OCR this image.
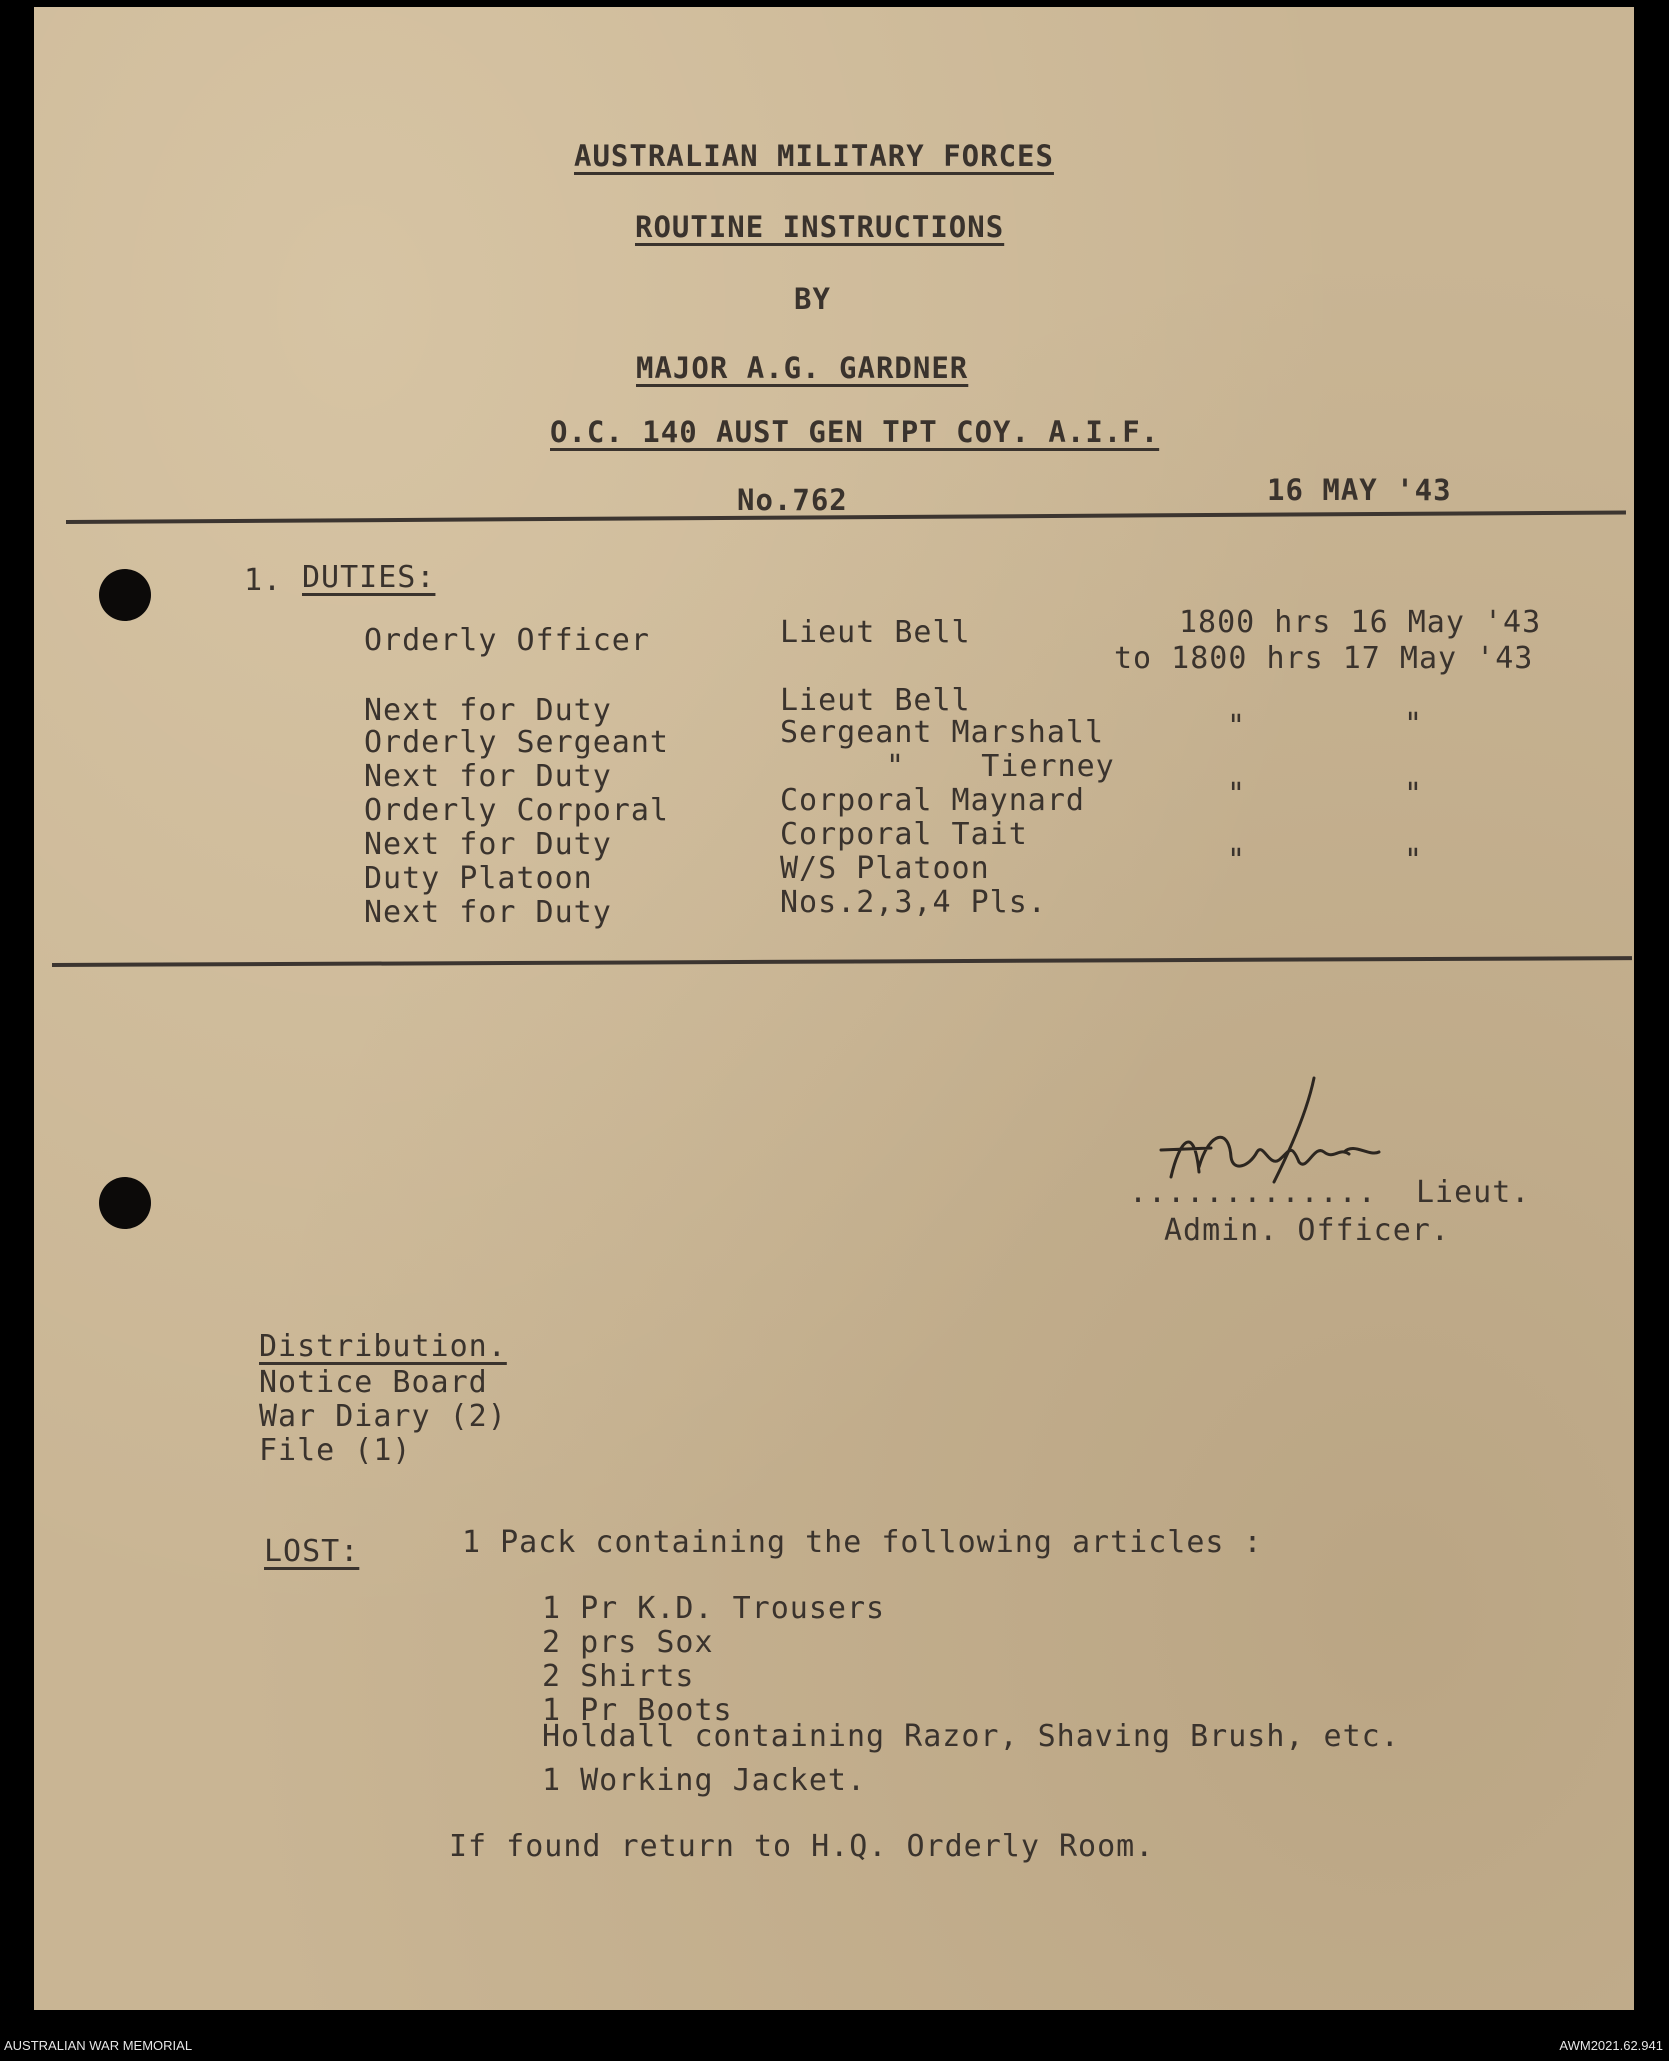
AUSTRALIAN MILITARY FORCES
ROUTINE INSTRUCTIONS
BY
MAJOR A.G. GARDNER
O.C. 140 AUST GEN TPT COY. A.I.F.
No.762	16 MAY '43
1. DUTIES:
Orderly Officer	Lieut Bell	1800 hrs 16 May '43
to 1800 hrs 17 May '43
Next for Duty	Lieut Bell
Orderly Sergeant	Sergeant Marshall	"	"
Next for Duty	"    Tierney
Orderly Corporal	Corporal Maynard	"	"
Next for Duty	Corporal Tait
Duty Platoon	W/S Platoon	"	"
Next for Duty	Nos.2,3,4 Pls.
............. Lieut.
Admin. Officer.
Distribution.
Notice Board
War Diary (2)
File (1)
LOST:	1 Pack containing the following articles :
1 Pr K.D. Trousers
2 prs Sox
2 Shirts
1 Pr Boots
Holdall containing Razor, Shaving Brush, etc.
1 Working Jacket.
If found return to H.Q. Orderly Room.
AUSTRALIAN WAR MEMORIAL	AWM2021.62.941
